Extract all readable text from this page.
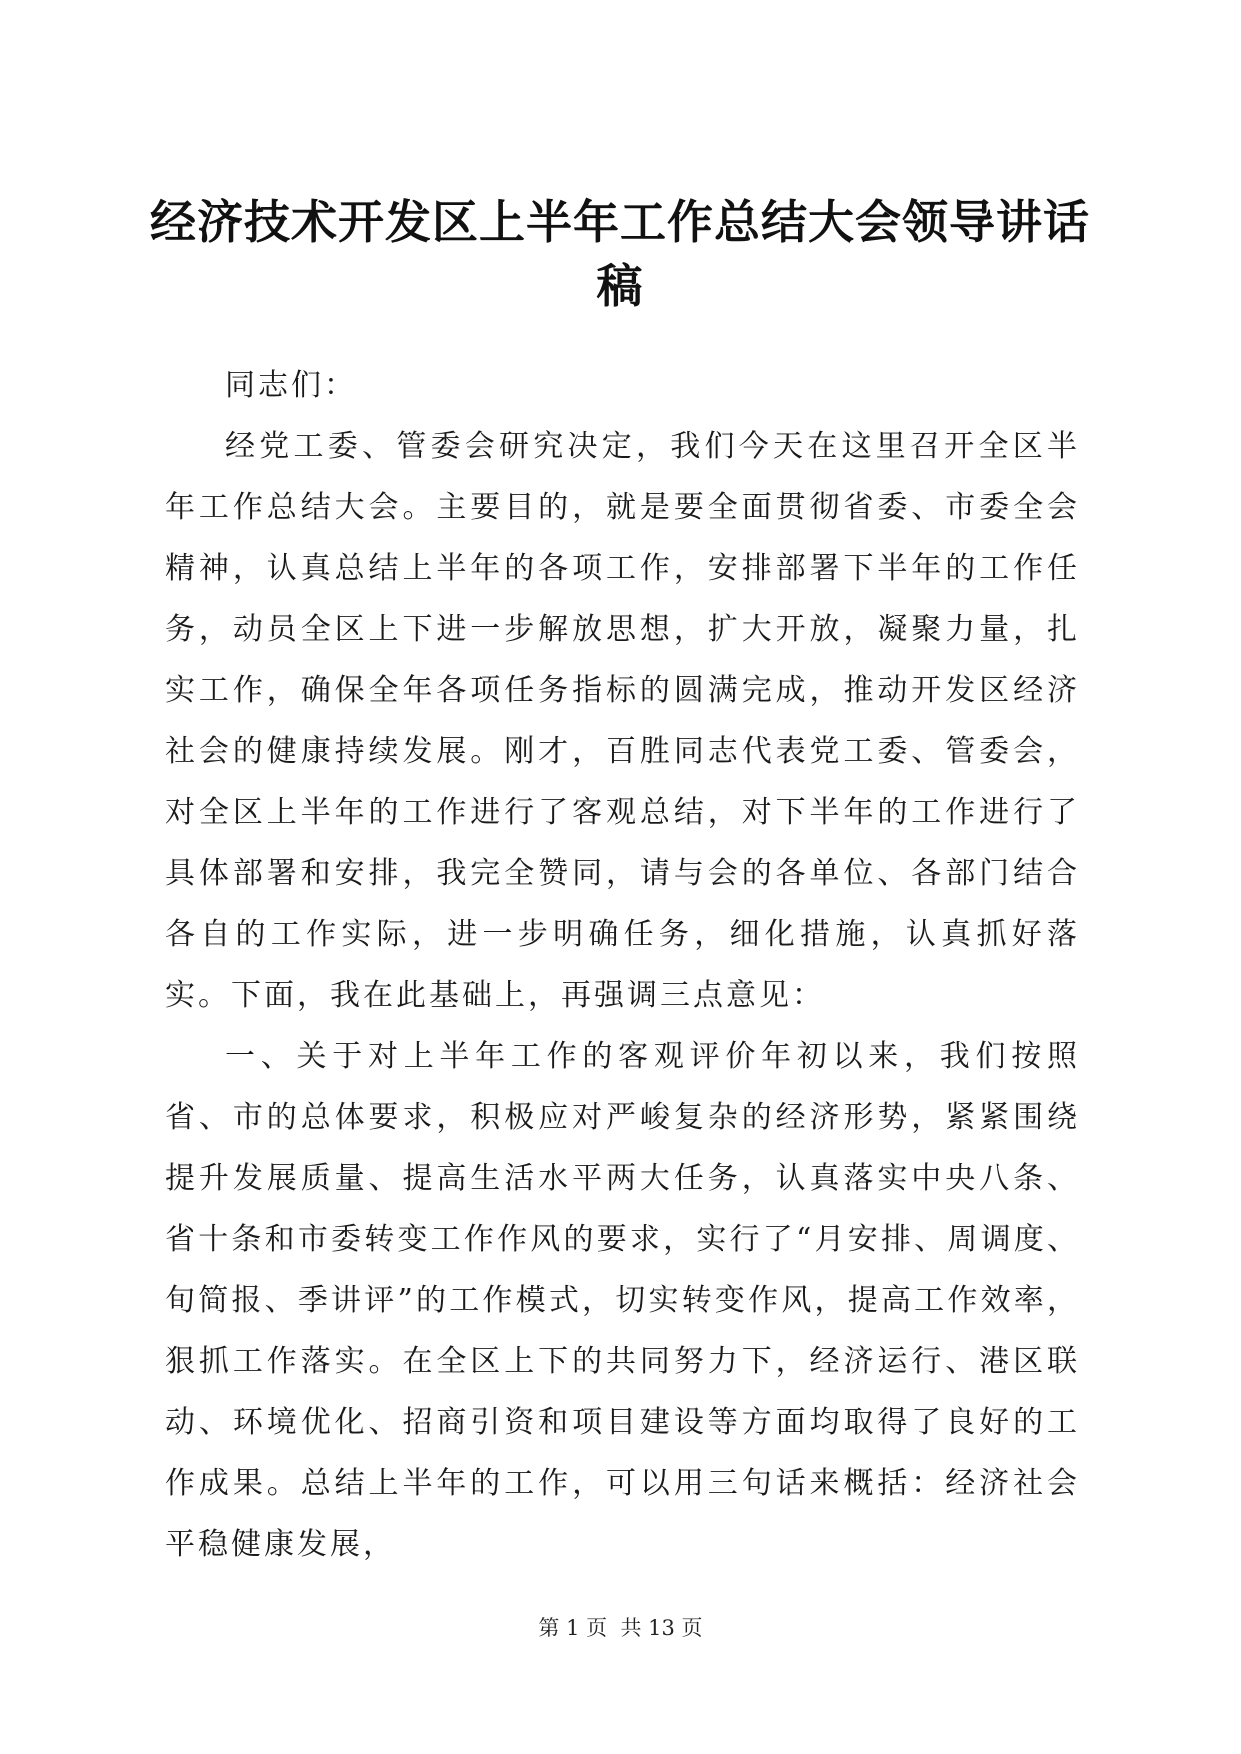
经济技术开发区上半年工作总结大会领导讲话稿

同志们：

经党工委、管委会研究决定，我们今天在这里召开全区半年工作总结大会。主要目的，就是要全面贯彻省委、市委全会精神，认真总结上半年的各项工作，安排部署下半年的工作任务，动员全区上下进一步解放思想，扩大开放，凝聚力量，扎实工作，确保全年各项任务指标的圆满完成，推动开发区经济社会的健康持续发展。刚才，百胜同志代表党工委、管委会，对全区上半年的工作进行了客观总结，对下半年的工作进行了具体部署和安排，我完全赞同，请与会的各单位、各部门结合各自的工作实际，进一步明确任务，细化措施，认真抓好落实。下面，我在此基础上，再强调三点意见：

一、关于对上半年工作的客观评价年初以来，我们按照省、市的总体要求，积极应对严峻复杂的经济形势，紧紧围绕提升发展质量、提高生活水平两大任务，认真落实中央八条、省十条和市委转变工作作风的要求，实行了“月安排、周调度、旬简报、季讲评”的工作模式，切实转变作风，提高工作效率，狠抓工作落实。在全区上下的共同努力下，经济运行、港区联动、环境优化、招商引资和项目建设等方面均取得了良好的工作成果。总结上半年的工作，可以用三句话来概括：经济社会平稳健康发展，

第 1 页  共 13 页
